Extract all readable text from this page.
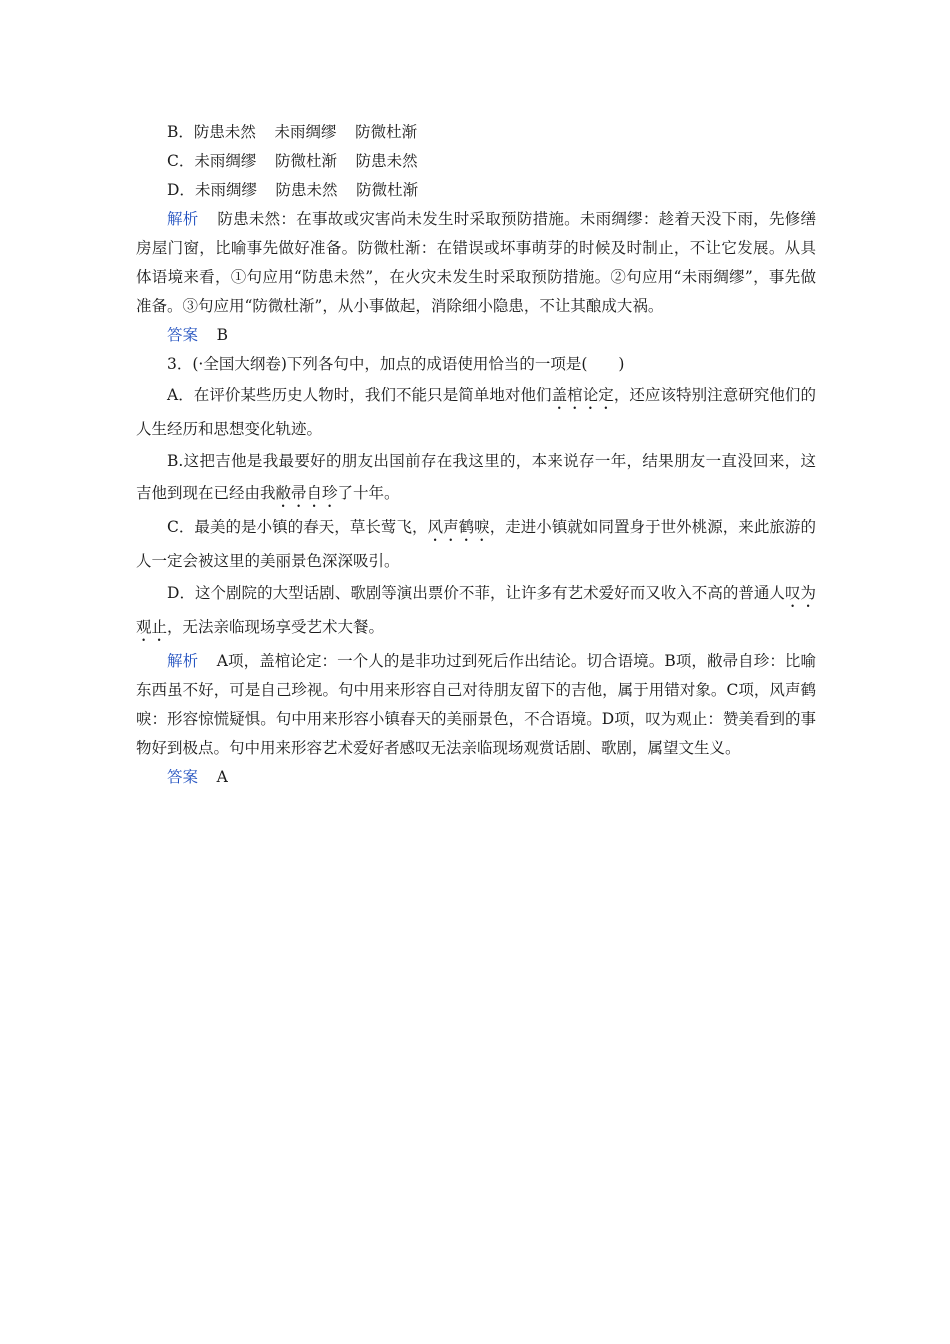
B．防患未然 未雨绸缪 防微杜渐

C．未雨绸缪 防微杜渐 防患未然

D．未雨绸缪 防患未然 防微杜渐

解析 防患未然：在事故或灾害尚未发生时采取预防措施。未雨绸缪：趁着天没下雨，先修缮房屋门窗，比喻事先做好准备。防微杜渐：在错误或坏事萌芽的时候及时制止，不让它发展。从具体语境来看，①句应用“防患未然”，在火灾未发生时采取预防措施。②句应用“未雨绸缪”，事先做准备。③句应用“防微杜渐”，从小事做起，消除细小隐患，不让其酿成大祸。

答案 B

3．(·全国大纲卷)下列各句中，加点的成语使用恰当的一项是(　　)

A．在评价某些历史人物时，我们不能只是简单地对他们盖棺论定，还应该特别注意研究他们的人生经历和思想变化轨迹。

B.这把吉他是我最要好的朋友出国前存在我这里的，本来说存一年，结果朋友一直没回来，这吉他到现在已经由我敝帚自珍了十年。

C．最美的是小镇的春天，草长莺飞，风声鹤唳，走进小镇就如同置身于世外桃源，来此旅游的人一定会被这里的美丽景色深深吸引。

D．这个剧院的大型话剧、歌剧等演出票价不菲，让许多有艺术爱好而又收入不高的普通人叹为观止，无法亲临现场享受艺术大餐。

解析 A项，盖棺论定：一个人的是非功过到死后作出结论。切合语境。B项，敝帚自珍：比喻东西虽不好，可是自己珍视。句中用来形容自己对待朋友留下的吉他，属于用错对象。C项，风声鹤唳：形容惊慌疑惧。句中用来形容小镇春天的美丽景色，不合语境。D项，叹为观止：赞美看到的事物好到极点。句中用来形容艺术爱好者感叹无法亲临现场观赏话剧、歌剧，属望文生义。

答案 A
